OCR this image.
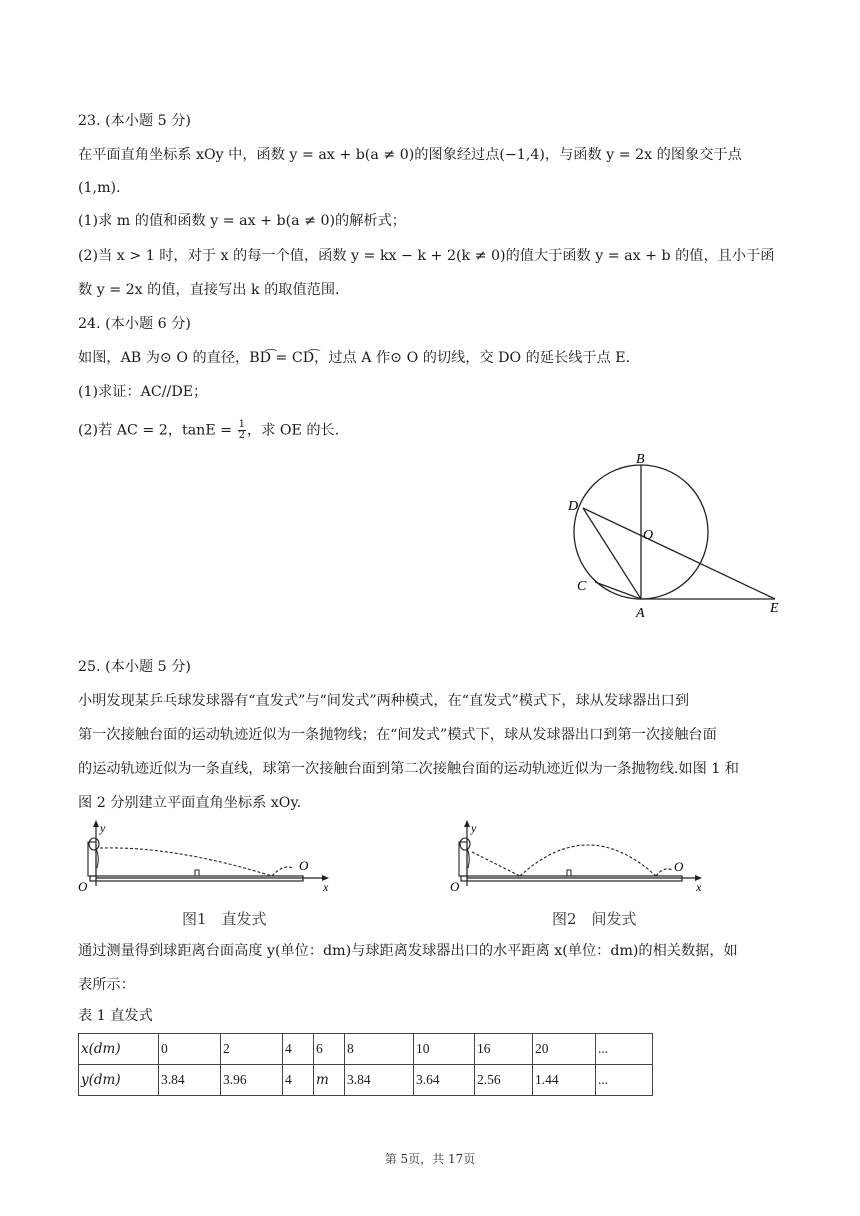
23. (本小题 5 分)
在平面直角坐标系 xOy 中，函数 y = ax + b(a ≠ 0)的图象经过点(−1,4)，与函数 y = 2x 的图象交于点
(1,m).
(1)求 m 的值和函数 y = ax + b(a ≠ 0)的解析式；
(2)当 x > 1 时，对于 x 的每一个值，函数 y = kx − k + 2(k ≠ 0)的值大于函数 y = ax + b 的值，且小于函
数 y = 2x 的值，直接写出 k 的取值范围.
24. (本小题 6 分)
如图，AB 为⊙ O 的直径，BD͡ = CD͡，过点 A 作⊙ O 的切线，交 DO 的延长线于点 E.
(1)求证：AC//DE；
(2)若 AC = 2，$\tan E = \frac{1}{2}$ ，求 OE 的长.
B
D
O
C
A	E
25. (本小题 5 分)
小明发现某乒乓球发球器有“直发式”与“间发式”两种模式，在“直发式”模式下，球从发球器出口到
第一次接触台面的运动轨迹近似为一条抛物线；在“间发式”模式下，球从发球器出口到第一次接触台面
的运动轨迹近似为一条直线，球第一次接触台面到第二次接触台面的运动轨迹近似为一条抛物线.如图 1 和
图 2 分别建立平面直角坐标系 xOy.
y
x
O
O
图1　直发式
y
x
O
O
图2　间发式
通过测量得到球距离台面高度 y(单位：dm)与球距离发球器出口的水平距离 x(单位：dm)的相关数据，如
表所示：
表 1 直发式
x(dm)	0	2	4	6	8	10	16	20	...
y(dm)	3.84	3.96	4	m	3.84	3.64	2.56	1.44	...
第 5页，共 17页
